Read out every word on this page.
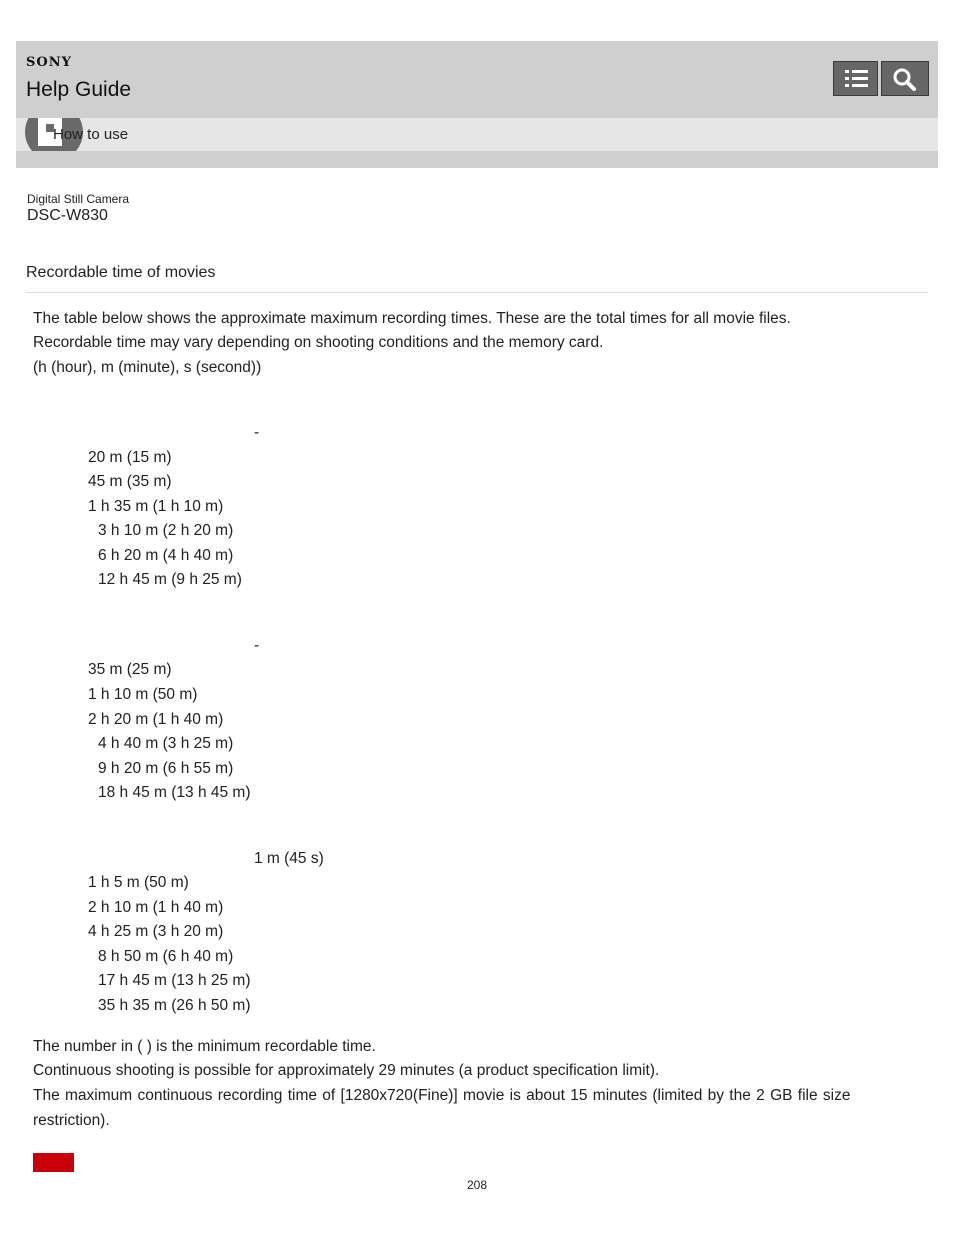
SONY
Help Guide
How to use
Digital Still Camera
DSC-W830
Recordable time of movies
The table below shows the approximate maximum recording times. These are the total times for all movie files.
Recordable time may vary depending on shooting conditions and the memory card.
(h (hour), m (minute), s (second))
-
20 m (15 m)
45 m (35 m)
1 h 35 m (1 h 10 m)
3 h 10 m (2 h 20 m)
6 h 20 m (4 h 40 m)
12 h 45 m (9 h 25 m)
-
35 m (25 m)
1 h 10 m (50 m)
2 h 20 m (1 h 40 m)
4 h 40 m (3 h 25 m)
9 h 20 m (6 h 55 m)
18 h 45 m (13 h 45 m)
1 m (45 s)
1 h 5 m (50 m)
2 h 10 m (1 h 40 m)
4 h 25 m (3 h 20 m)
8 h 50 m (6 h 40 m)
17 h 45 m (13 h 25 m)
35 h 35 m (26 h 50 m)
The number in ( ) is the minimum recordable time.
Continuous shooting is possible for approximately 29 minutes (a product specification limit).
The maximum continuous recording time of [1280x720(Fine)] movie is about 15 minutes (limited by the 2 GB file size
restriction).
208
